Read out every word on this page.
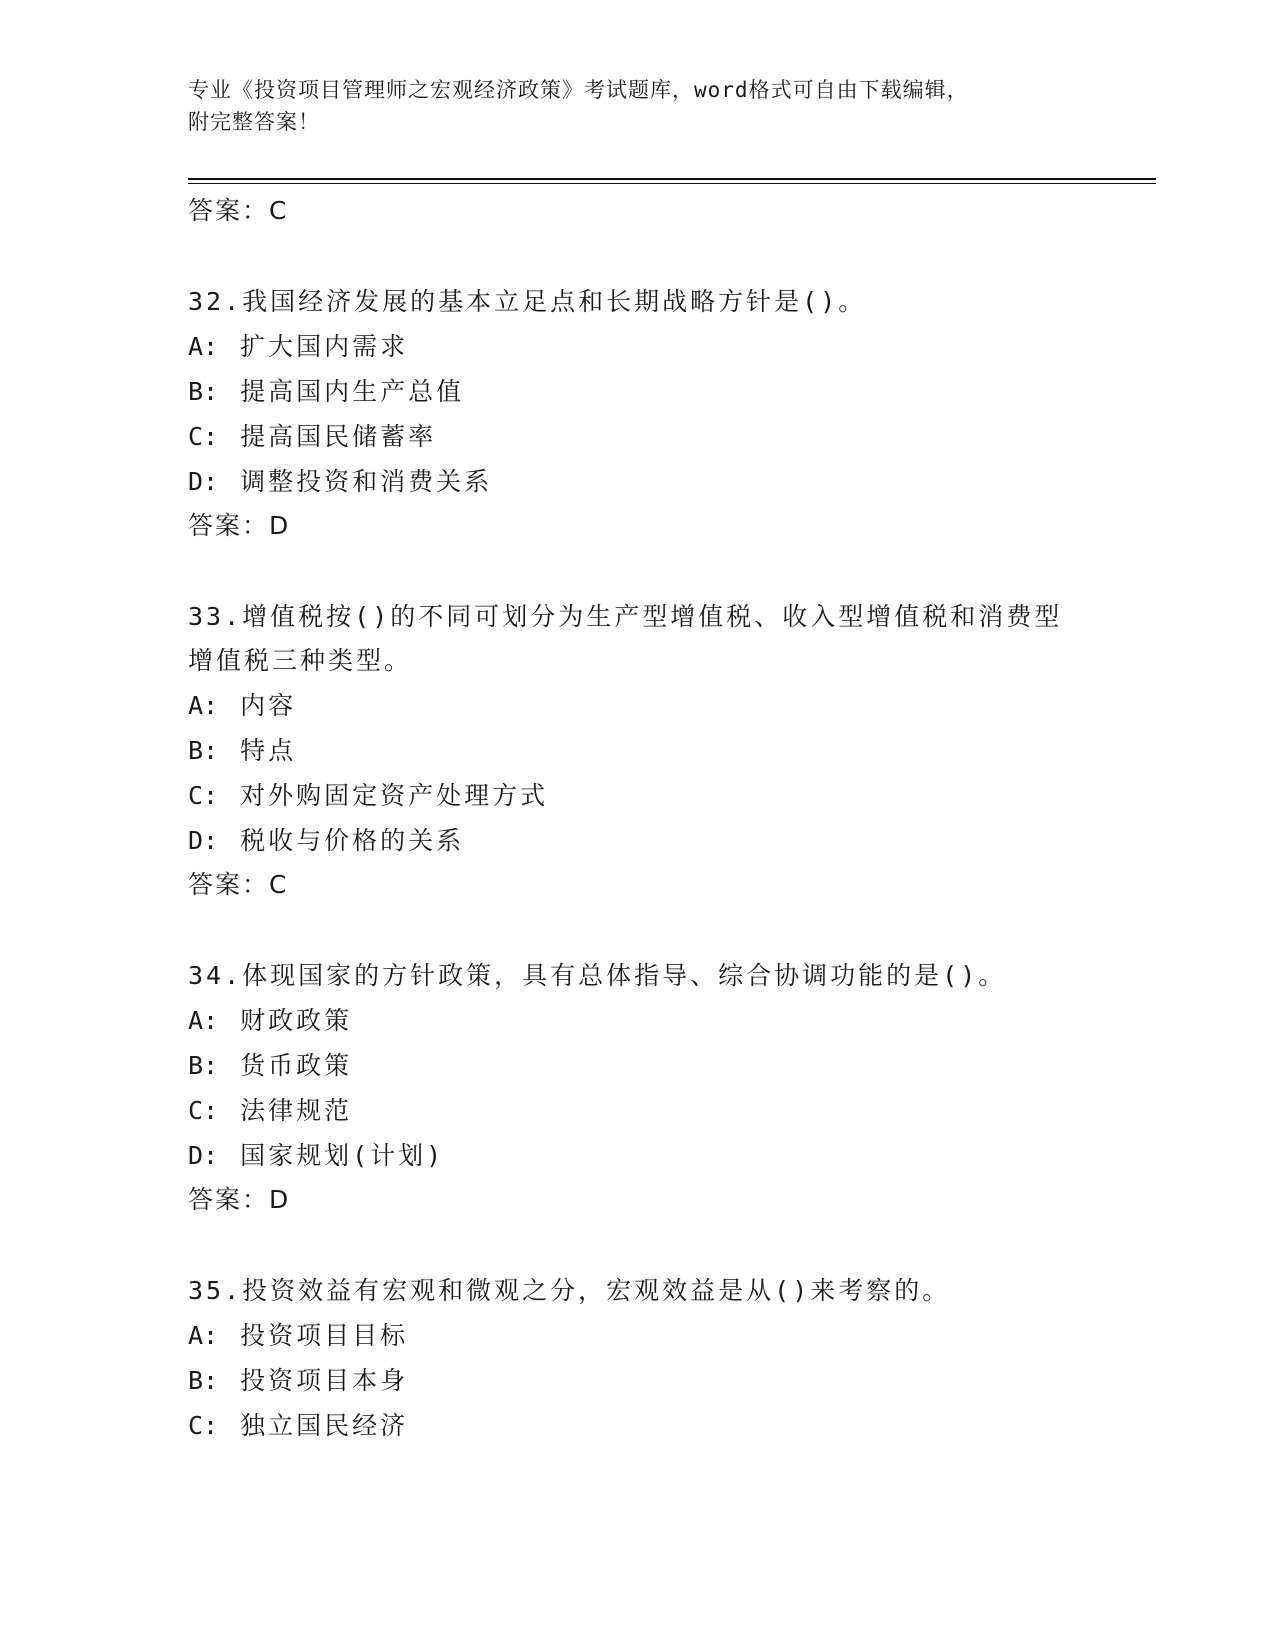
专业《投资项目管理师之宏观经济政策》考试题库，word格式可自由下载编辑，
附完整答案！
答案：C
32.我国经济发展的基本立足点和长期战略方针是()。
A: 扩大国内需求
B: 提高国内生产总值
C: 提高国民储蓄率
D: 调整投资和消费关系
答案：D
33.增值税按()的不同可划分为生产型增值税、收入型增值税和消费型
增值税三种类型。
A: 内容
B: 特点
C: 对外购固定资产处理方式
D: 税收与价格的关系
答案：C
34.体现国家的方针政策，具有总体指导、综合协调功能的是()。
A: 财政政策
B: 货币政策
C: 法律规范
D: 国家规划(计划)
答案：D
35.投资效益有宏观和微观之分，宏观效益是从()来考察的。
A: 投资项目目标
B: 投资项目本身
C: 独立国民经济
